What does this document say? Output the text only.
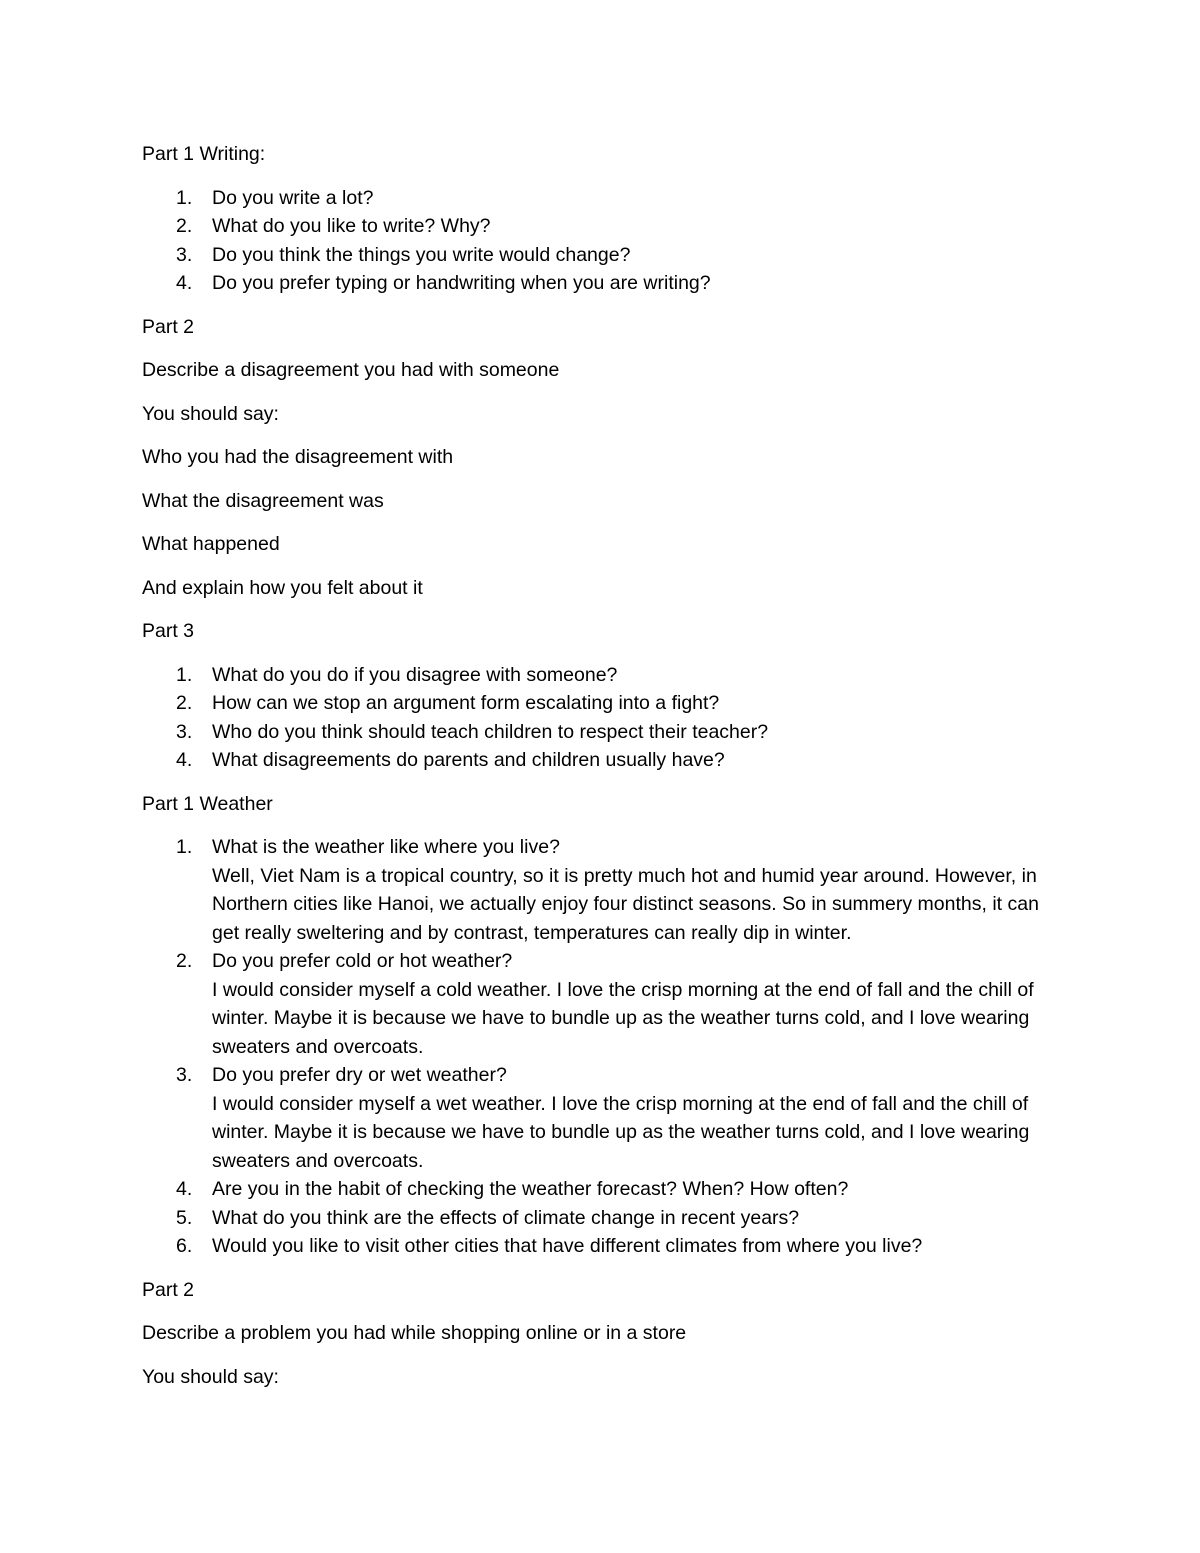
Part 1 Writing:

1. Do you write a lot?
2. What do you like to write? Why?
3. Do you think the things you write would change?
4. Do you prefer typing or handwriting when you are writing?

Part 2

Describe a disagreement you had with someone

You should say:

Who you had the disagreement with

What the disagreement was

What happened

And explain how you felt about it

Part 3

1. What do you do if you disagree with someone?
2. How can we stop an argument form escalating into a fight?
3. Who do you think should teach children to respect their teacher?
4. What disagreements do parents and children usually have?

Part 1 Weather

1. What is the weather like where you live?
Well, Viet Nam is a tropical country, so it is pretty much hot and humid year around. However, in
Northern cities like Hanoi, we actually enjoy four distinct seasons. So in summery months, it can
get really sweltering and by contrast, temperatures can really dip in winter.
2. Do you prefer cold or hot weather?
I would consider myself a cold weather. I love the crisp morning at the end of fall and the chill of
winter. Maybe it is because we have to bundle up as the weather turns cold, and I love wearing
sweaters and overcoats.
3. Do you prefer dry or wet weather?
I would consider myself a wet weather. I love the crisp morning at the end of fall and the chill of
winter. Maybe it is because we have to bundle up as the weather turns cold, and I love wearing
sweaters and overcoats.
4. Are you in the habit of checking the weather forecast? When? How often?
5. What do you think are the effects of climate change in recent years?
6. Would you like to visit other cities that have different climates from where you live?

Part 2

Describe a problem you had while shopping online or in a store

You should say:
